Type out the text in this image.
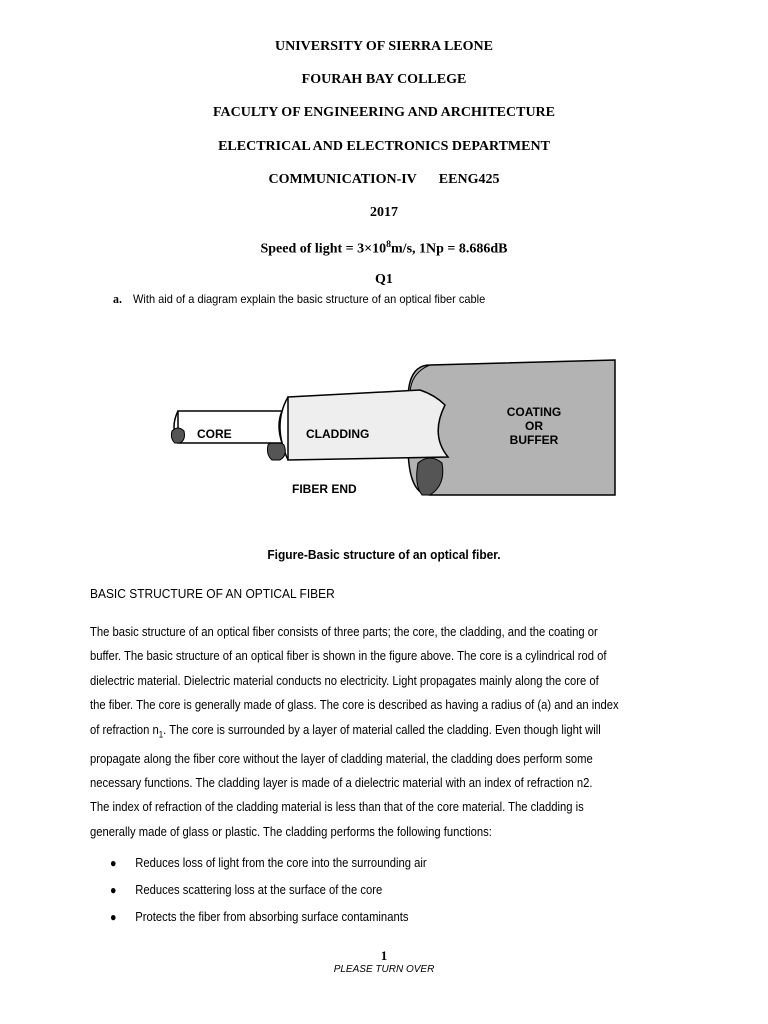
UNIVERSITY OF SIERRA LEONE
FOURAH BAY COLLEGE
FACULTY OF ENGINEERING AND ARCHITECTURE
ELECTRICAL AND ELECTRONICS DEPARTMENT
COMMUNICATION-IV EENG425
2017
Speed of light = $3\times 10^8m/s$, 1Np = 8.686dB
Q1
a. With aid of a diagram explain the basic structure of an optical fiber cable
CORE	CLADDING
COATING
OR
BUFFER
FIBER END
Figure-Basic structure of an optical fiber.
BASIC STRUCTURE OF AN OPTICAL FIBER
The basic structure of an optical fiber consists of three parts; the core, the cladding, and the coating or
buffer. The basic structure of an optical fiber is shown in the figure above. The core is a cylindrical rod of
dielectric material. Dielectric material conducts no electricity. Light propagates mainly along the core of
the fiber. The core is generally made of glass. The core is described as having a radius of (a) and an index
of refraction $n_1$. The core is surrounded by a layer of material called the cladding. Even though light will
propagate along the fiber core without the layer of cladding material, the cladding does perform some
necessary functions. The cladding layer is made of a dielectric material with an index of refraction n2.
The index of refraction of the cladding material is less than that of the core material. The cladding is
generally made of glass or plastic. The cladding performs the following functions:
●	Reduces loss of light from the core into the surrounding air
●	Reduces scattering loss at the surface of the core
●	Protects the fiber from absorbing surface contaminants
1
PLEASE TURN OVER
